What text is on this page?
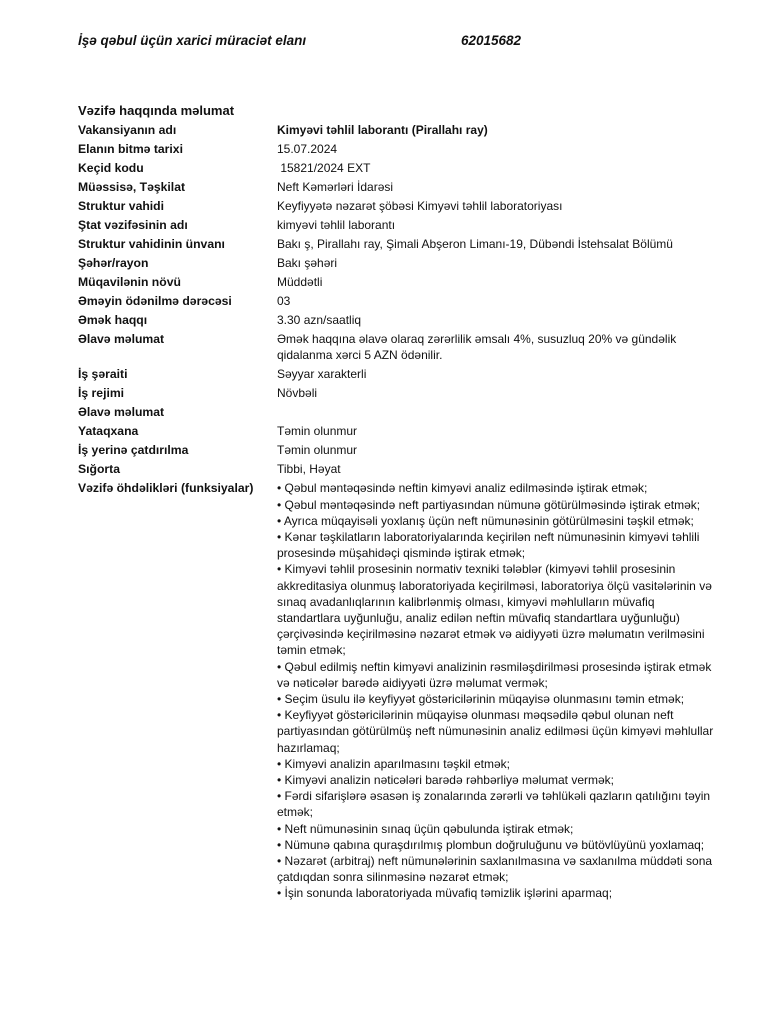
İşə qəbul üçün xarici müraciət elanı	62015682
Vəzifə haqqında məlumat
Vakansiyanın adı	Kimyəvi təhlil laborantı (Pirallahı ray)
Elanın bitmə tarixi	15.07.2024
Keçid kodu	15821/2024 EXT
Müəssisə, Təşkilat	Neft Kəmərləri İdarəsi
Struktur vahidi	Keyfiyyətə nəzarət şöbəsi Kimyəvi təhlil laboratoriyası
Ştat vəzifəsinin adı	kimyəvi təhlil laborantı
Struktur vahidinin ünvanı	Bakı ş, Pirallahı ray, Şimali Abşeron Limanı-19, Dübəndi İstehsalat Bölümü
Şəhər/rayon	Bakı şəhəri
Müqavilənin növü	Müddətli
Əməyin ödənilmə dərəcəsi	03
Əmək haqqı	3.30 azn/saatliq
Əlavə məlumat	Əmək haqqına əlavə olaraq zərərlilik əmsalı 4%, susuzluq 20% və gündəlik qidalanma xərci 5 AZN ödənilir.
İş şəraiti	Səyyar xarakterli
İş rejimi	Növbəli
Əlavə məlumat
Yataqxana	Təmin olunmur
İş yerinə çatdırılma	Təmin olunmur
Sığorta	Tibbi, Həyat
Vəzifə öhdəlikləri (funksiyalar)	• Qəbul məntəqəsində neftin kimyəvi analiz edilməsində iştirak etmək;
• Qəbul məntəqəsində neft partiyasından nümunə götürülməsində iştirak etmək;
• Ayrıca müqayisəli yoxlanış üçün neft nümunəsinin götürülməsini təşkil etmək;
• Kənar təşkilatların laboratoriyalarında keçirilən neft nümunəsinin kimyəvi təhlili prosesində müşahidəçi qismində iştirak etmək;
• Kimyəvi təhlil prosesinin normativ texniki tələblər (kimyəvi təhlil prosesinin akkreditasiya olunmuş laboratoriyada keçirilməsi, laboratoriya ölçü vasitələrinin və sınaq avadanlıqlarının kalibrlənmiş olması, kimyəvi məhlulların müvafiq standartlara uyğunluğu, analiz edilən neftin müvafiq standartlara uyğunluğu) çərçivəsində keçirilməsinə nəzarət etmək və aidiyyəti üzrə məlumatın verilməsini təmin etmək;
• Qəbul edilmiş neftin kimyəvi analizinin rəsmiləşdirilməsi prosesində iştirak etmək və nəticələr barədə aidiyyəti üzrə məlumat vermək;
• Seçim üsulu ilə keyfiyyət göstəricilərinin müqayisə olunmasını təmin etmək;
• Keyfiyyət göstəricilərinin müqayisə olunması məqsədilə qəbul olunan neft partiyasından götürülmüş neft nümunəsinin analiz edilməsi üçün kimyəvi məhlullar hazırlamaq;
• Kimyəvi analizin aparılmasını təşkil etmək;
• Kimyəvi analizin nəticələri barədə rəhbərliyə məlumat vermək;
• Fərdi sifarişlərə əsasən iş zonalarında zərərli və təhlükəli qazların qatılığını təyin etmək;
• Neft nümunəsinin sınaq üçün qəbulunda iştirak etmək;
• Nümunə qabına quraşdırılmış plombun doğruluğunu və bütövlüyünü yoxlamaq;
• Nəzarət (arbitraj) neft nümunələrinin saxlanılmasına və saxlanılma müddəti sona çatdıqdan sonra silinməsinə nəzarət etmək;
• İşin sonunda laboratoriyada müvafiq təmizlik işlərini aparmaq;
